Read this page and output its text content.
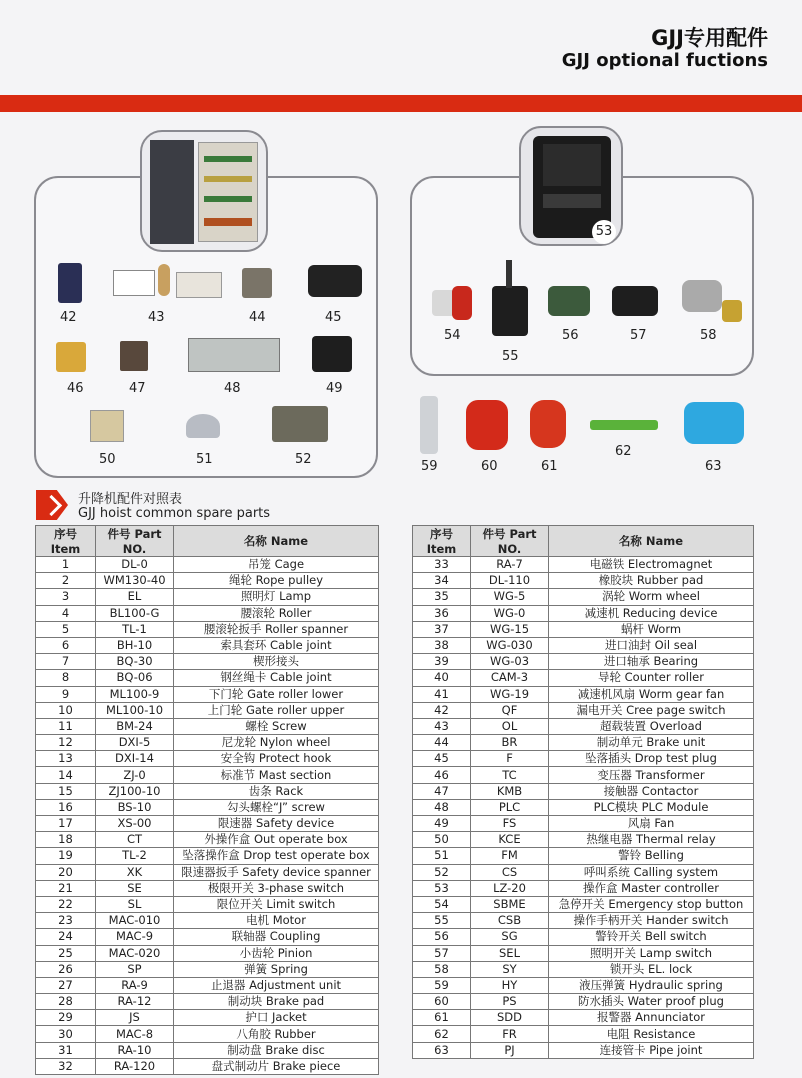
GJJ专用配件
GJJ optional fuctions
42	43	44	45
46	47	48	49
50	51	52
53
54
55
56	57	58
59	60	61
62
63
升降机配件对照表
GJJ hoist common spare parts
序号 Item	件号 Part NO.	名称 Name
1	DL-0	吊笼 Cage
2	WM130-40	绳轮 Rope pulley
3	EL	照明灯 Lamp
4	BL100-G	腰滚轮 Roller
5	TL-1	腰滚轮扳手 Roller spanner
6	BH-10	索具套环 Cable joint
7	BQ-30	楔形接头
8	BQ-06	钢丝绳卡 Cable joint
9	ML100-9	下门轮 Gate roller lower
10	ML100-10	上门轮 Gate roller upper
11	BM-24	螺栓 Screw
12	DXI-5	尼龙轮 Nylon wheel
13	DXI-14	安全钩 Protect hook
14	ZJ-0	标准节 Mast section
15	ZJ100-10	齿条 Rack
16	BS-10	勾头螺栓“J” screw
17	XS-00	限速器 Safety device
18	CT	外操作盒 Out operate box
19	TL-2	坠落操作盒 Drop test operate box
20	XK	限速器扳手 Safety device spanner
21	SE	极限开关 3-phase switch
22	SL	限位开关 Limit switch
23	MAC-010	电机 Motor
24	MAC-9	联轴器 Coupling
25	MAC-020	小齿轮 Pinion
26	SP	弹簧 Spring
27	RA-9	止退器 Adjustment unit
28	RA-12	制动块 Brake pad
29	JS	护口 Jacket
30	MAC-8	八角胶 Rubber
31	RA-10	制动盘 Brake disc
32	RA-120	盘式制动片 Brake piece
序号 Item	件号 Part NO.	名称 Name
33	RA-7	电磁铁 Electromagnet
34	DL-110	橡胶块 Rubber pad
35	WG-5	涡轮 Worm wheel
36	WG-0	减速机 Reducing device
37	WG-15	蜗杆 Worm
38	WG-030	进口油封 Oil seal
39	WG-03	进口轴承 Bearing
40	CAM-3	导轮 Counter roller
41	WG-19	减速机风扇 Worm gear fan
42	QF	漏电开关 Cree page switch
43	OL	超载装置 Overload
44	BR	制动单元 Brake unit
45	F	坠落插头 Drop test plug
46	TC	变压器 Transformer
47	KMB	接触器 Contactor
48	PLC	PLC模块 PLC Module
49	FS	风扇 Fan
50	KCE	热继电器 Thermal relay
51	FM	警铃 Belling
52	CS	呼叫系统 Calling system
53	LZ-20	操作盒 Master controller
54	SBME	急停开关 Emergency stop button
55	CSB	操作手柄开关 Hander switch
56	SG	警铃开关 Bell switch
57	SEL	照明开关 Lamp switch
58	SY	锁开头 EL. lock
59	HY	液压弹簧 Hydraulic spring
60	PS	防水插头 Water proof plug
61	SDD	报警器 Annunciator
62	FR	电阻 Resistance
63	PJ	连接管卡 Pipe joint
